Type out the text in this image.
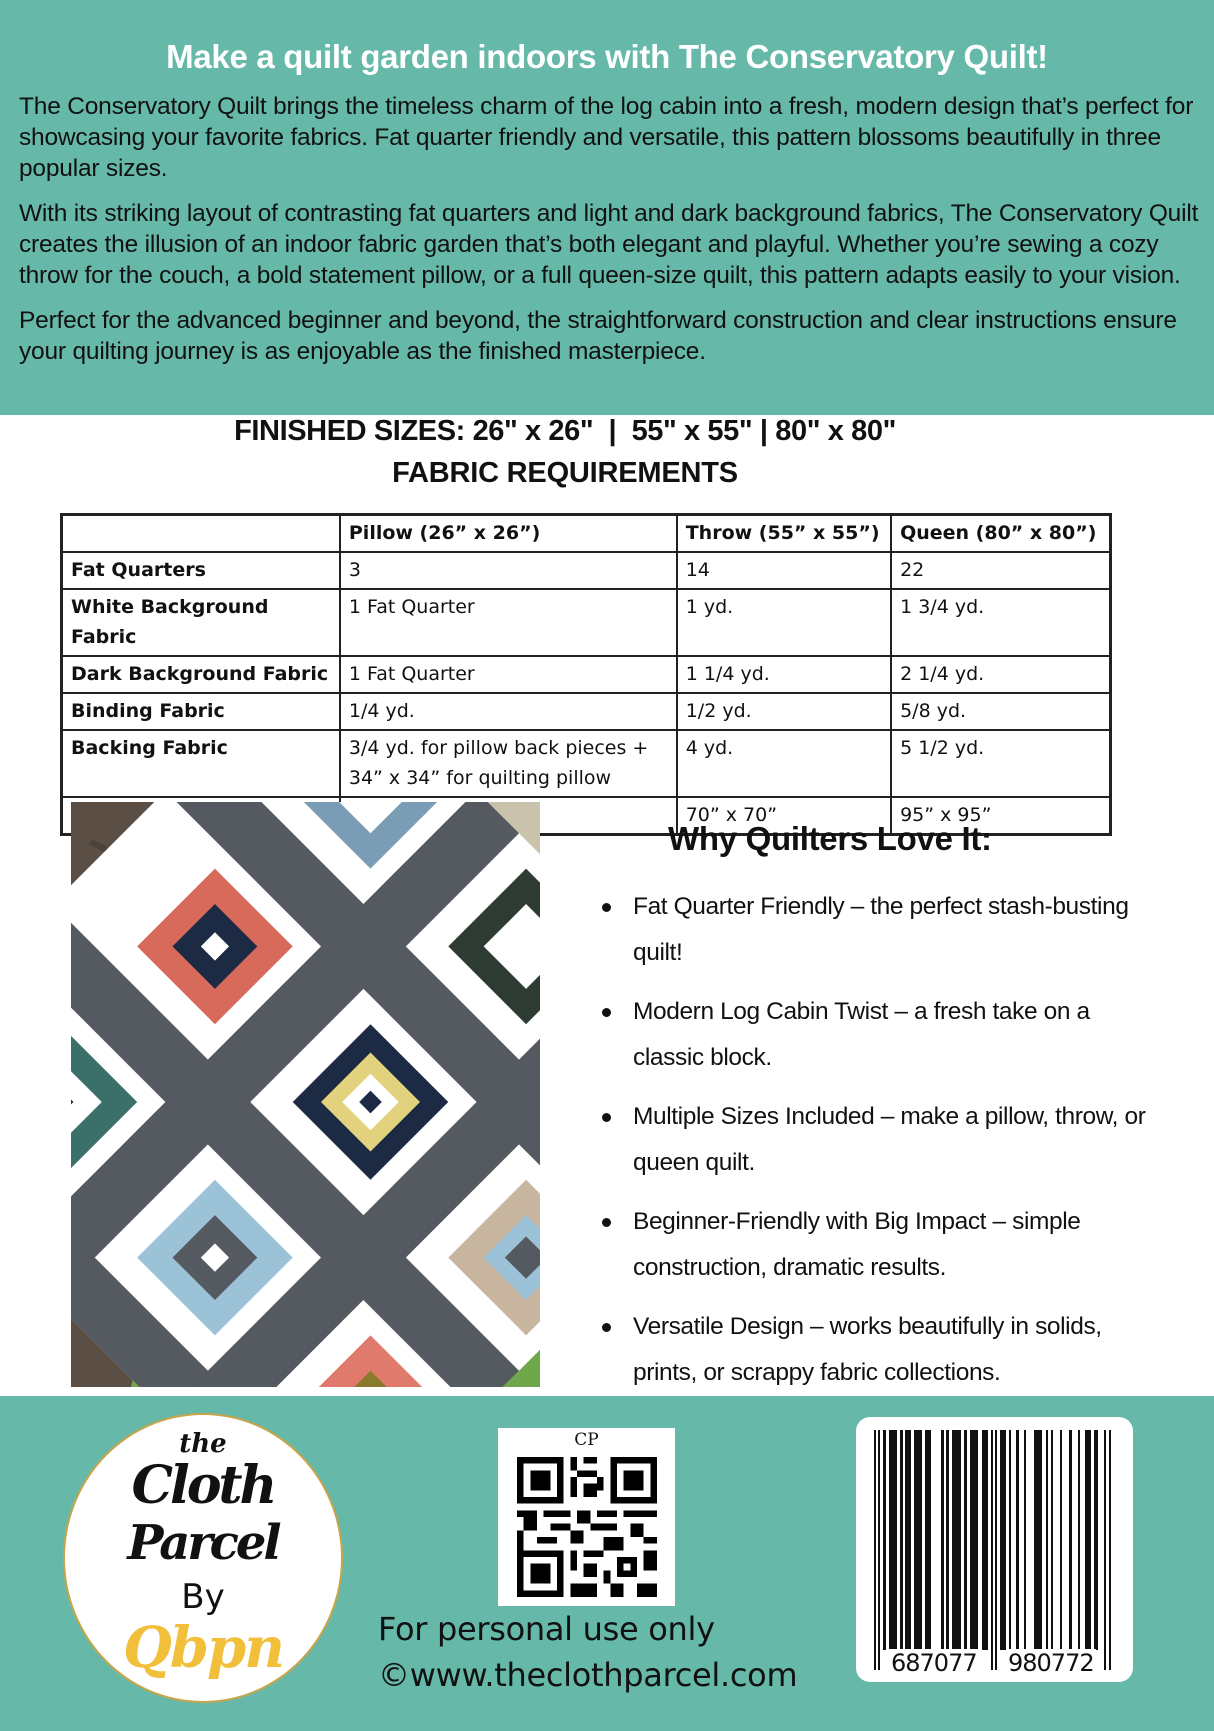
Make a quilt garden indoors with The Conservatory Quilt!

The Conservatory Quilt brings the timeless charm of the log cabin into a fresh, modern design that’s perfect for showcasing your favorite fabrics. Fat quarter friendly and versatile, this pattern blossoms beautifully in three popular sizes.

With its striking layout of contrasting fat quarters and light and dark background fabrics, The Conservatory Quilt creates the illusion of an indoor fabric garden that’s both elegant and playful. Whether you’re sewing a cozy throw for the couch, a bold statement pillow, or a full queen-size quilt, this pattern adapts easily to your vision.

Perfect for the advanced beginner and beyond, the straightforward construction and clear instructions ensure your quilting journey is as enjoyable as the finished masterpiece.

FINISHED SIZES: 26" x 26"  |  55" x 55" | 80" x 80"
FABRIC REQUIREMENTS
	Pillow (26” x 26”)	Throw (55” x 55”)	Queen (80” x 80”)
Fat Quarters	3	14	22
White Background Fabric	1 Fat Quarter	1 yd.	1 3/4 yd.
Dark Background Fabric	1 Fat Quarter	1 1/4 yd.	2 1/4 yd.
Binding Fabric	1/4 yd.	1/2 yd.	5/8 yd.
Backing Fabric	3/4 yd. for pillow back pieces + 34” x 34” for quilting pillow	4 yd.	5 1/2 yd.
		70” x 70”	95” x 95”
Why Quilters Love It:
Fat Quarter Friendly – the perfect stash-busting quilt!
Modern Log Cabin Twist – a fresh take on a classic block.
Multiple Sizes Included – make a pillow, throw, or queen quilt.
Beginner-Friendly with Big Impact – simple construction, dramatic results.
Versatile Design – works beautifully in solids, prints, or scrappy fabric collections.
the
Cloth
Parcel
By
Qbpn
CP
For personal use only
©www.theclothparcel.com	687077 980772
